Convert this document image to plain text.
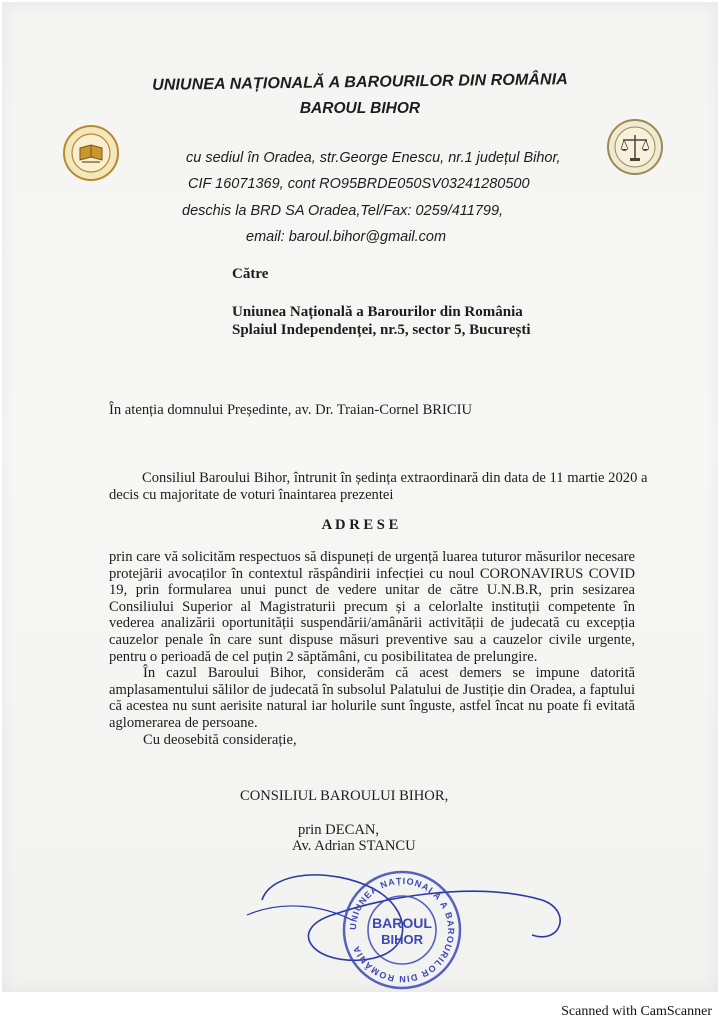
UNIUNEA NAȚIONALĂ A BAROURILOR DIN ROMÂNIA
BAROUL BIHOR
cu sediul în Oradea, str.George Enescu, nr.1 județul Bihor,
CIF 16071369, cont RO95BRDE050SV03241280500
deschis la BRD SA Oradea,Tel/Fax: 0259/411799,
email: baroul.bihor@gmail.com
Către
Uniunea Națională a Barourilor din România
Splaiul Independenței, nr.5, sector 5, București
În atenția domnului Președinte, av. Dr. Traian-Cornel BRICIU
Consiliul Baroului Bihor, întrunit în ședința extraordinară din data de 11 martie 2020 a
decis cu majoritate de voturi înaintarea prezentei
A D R E S E

prin care vă solicităm respectuos să dispuneți de urgență luarea tuturor măsurilor necesare protejării avocaților în contextul răspândirii infecției cu noul CORONAVIRUS COVID 19, prin formularea unui punct de vedere unitar de către U.N.B.R, prin sesizarea Consiliului Superior al Magistraturii precum și a celorlalte instituții competente în vederea analizării oportunității suspendării/amânării activității de judecată cu excepția cauzelor penale în care sunt dispuse măsuri preventive sau a cauzelor civile urgente, pentru o perioadă de cel puțin 2 săptămâni, cu posibilitatea de prelungire.

În cazul Baroului Bihor, considerăm că acest demers se impune datorită amplasamentului sălilor de judecată în subsolul Palatului de Justiție din Oradea, a faptului că acestea nu sunt aerisite natural iar holurile sunt înguste, astfel încat nu poate fi evitată aglomerarea de persoane.

Cu deosebită considerație,

CONSILIUL BAROULUI BIHOR,
prin DECAN,
Av. Adrian STANCU
UNIUNEA NAȚIONALĂ A BAROURILOR DIN ROMÂNIA
BAROUL
BIHOR
Scanned with CamScanner
